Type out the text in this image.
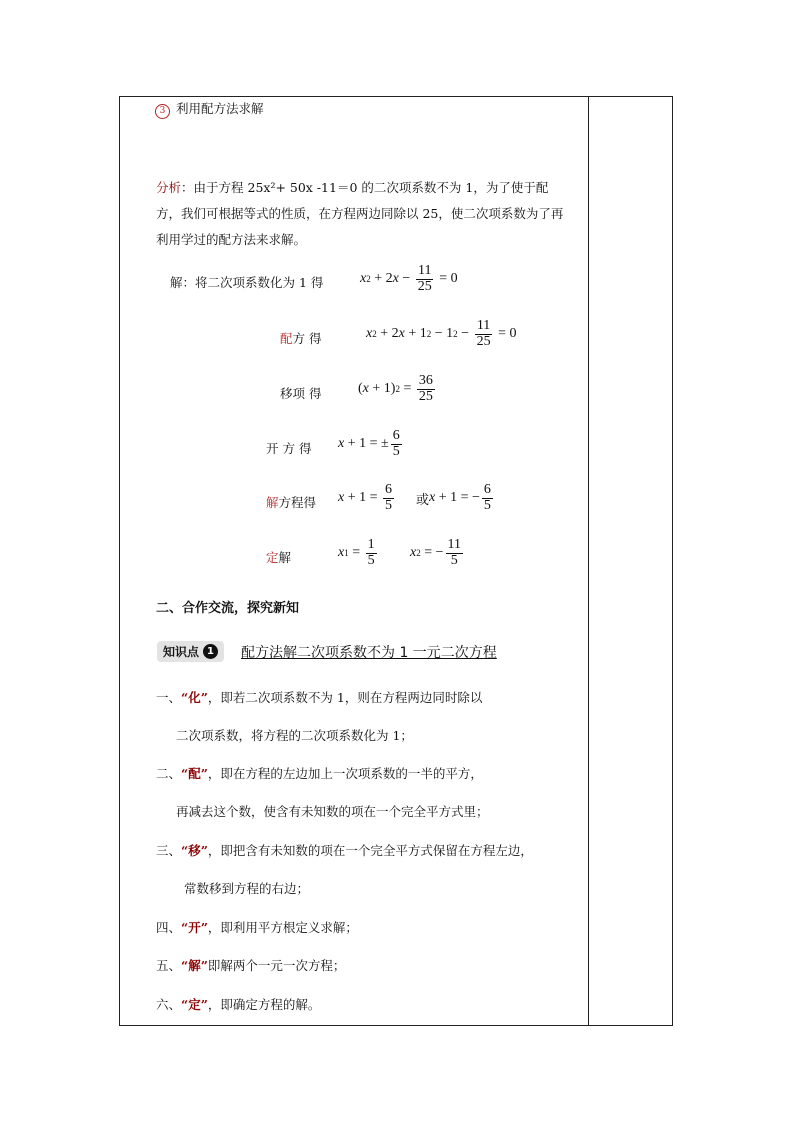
3 利用配方法求解
分析：由于方程 25x²+ 50x -11＝0 的二次项系数不为 1，为了使于配
方，我们可根据等式的性质，在方程两边同除以 25，使二次项系数为了再
利用学过的配方法来求解。
解：将二次项系数化为 1 得	x 2 + 2 $x - \frac{11}{25} = 0$
配方 得	x 2 + 2 x + 1 2 − 1 $2 - \frac{11}{25} = 0$
移项 得	( x + 1) $2 = \frac{36}{25}$
开 方 得 x + 1 = ± $\frac{6}{5}$
解方程得 $x + 1 = \frac{6}{5}$ 或 x + 1 = − $\frac{6}{5}$
定解	x $1 = \frac{1}{5}$ x 2 = − $\frac{11}{5}$
二、合作交流，探究新知
知识点 1 配方法解二次项系数不为 1 一元二次方程
一、“化”，即若二次项系数不为 1，则在方程两边同时除以
二次项系数，将方程的二次项系数化为 1；
二、“配”，即在方程的左边加上一次项系数的一半的平方，
再减去这个数，使含有未知数的项在一个完全平方式里；
三、“移”，即把含有未知数的项在一个完全平方式保留在方程左边，
常数移到方程的右边；
四、“开”，即利用平方根定义求解；
五、“解”即解两个一元一次方程；
六、“定”，即确定方程的解。
